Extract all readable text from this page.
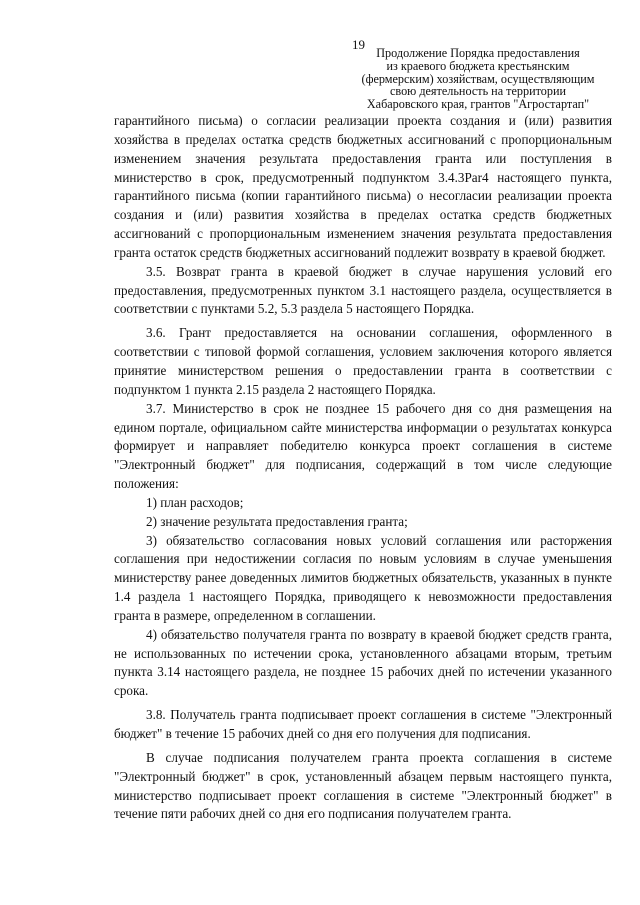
19
Продолжение Порядка предоставления
из краевого бюджета крестьянским
(фермерским) хозяйствам, осуществляющим
свою деятельность на территории
Хабаровского края, грантов "Агростартап"

гарантийного письма) о согласии реализации проекта создания и (или) развития хозяйства в пределах остатка средств бюджетных ассигнований с пропорциональным изменением значения результата предоставления гранта или поступления в министерство в срок, предусмотренный подпунктом 3.4.3Par4 настоящего пункта, гарантийного письма (копии гарантийного письма) о несогласии реализации проекта создания и (или) развития хозяйства в пределах остатка средств бюджетных ассигнований с пропорциональным изменением значения результата предоставления гранта остаток средств бюджетных ассигнований подлежит возврату в краевой бюджет.

3.5. Возврат гранта в краевой бюджет в случае нарушения условий его предоставления, предусмотренных пунктом 3.1 настоящего раздела, осуществляется в соответствии с пунктами 5.2, 5.3 раздела 5 настоящего Порядка.

3.6. Грант предоставляется на основании соглашения, оформленного в соответствии с типовой формой соглашения, условием заключения которого является принятие министерством решения о предоставлении гранта в соответствии с подпунктом 1 пункта 2.15 раздела 2 настоящего Порядка.

3.7. Министерство в срок не позднее 15 рабочего дня со дня размещения на едином портале, официальном сайте министерства информации о результатах конкурса формирует и направляет победителю конкурса проект соглашения в системе "Электронный бюджет" для подписания, содержащий в том числе следующие положения:

1) план расходов;

2) значение результата предоставления гранта;

3) обязательство согласования новых условий соглашения или расторжения соглашения при недостижении согласия по новым условиям в случае уменьшения министерству ранее доведенных лимитов бюджетных обязательств, указанных в пункте 1.4 раздела 1 настоящего Порядка, приводящего к невозможности предоставления гранта в размере, определенном в соглашении.

4) обязательство получателя гранта по возврату в краевой бюджет средств гранта, не использованных по истечении срока, установленного абзацами вторым, третьим пункта 3.14 настоящего раздела, не позднее 15 рабочих дней по истечении указанного срока.

3.8. Получатель гранта подписывает проект соглашения в системе "Электронный бюджет" в течение 15 рабочих дней со дня его получения для подписания.

В случае подписания получателем гранта проекта соглашения в системе "Электронный бюджет" в срок, установленный абзацем первым настоящего пункта, министерство подписывает проект соглашения в системе "Электронный бюджет" в течение пяти рабочих дней со дня его подписания получателем гранта.
